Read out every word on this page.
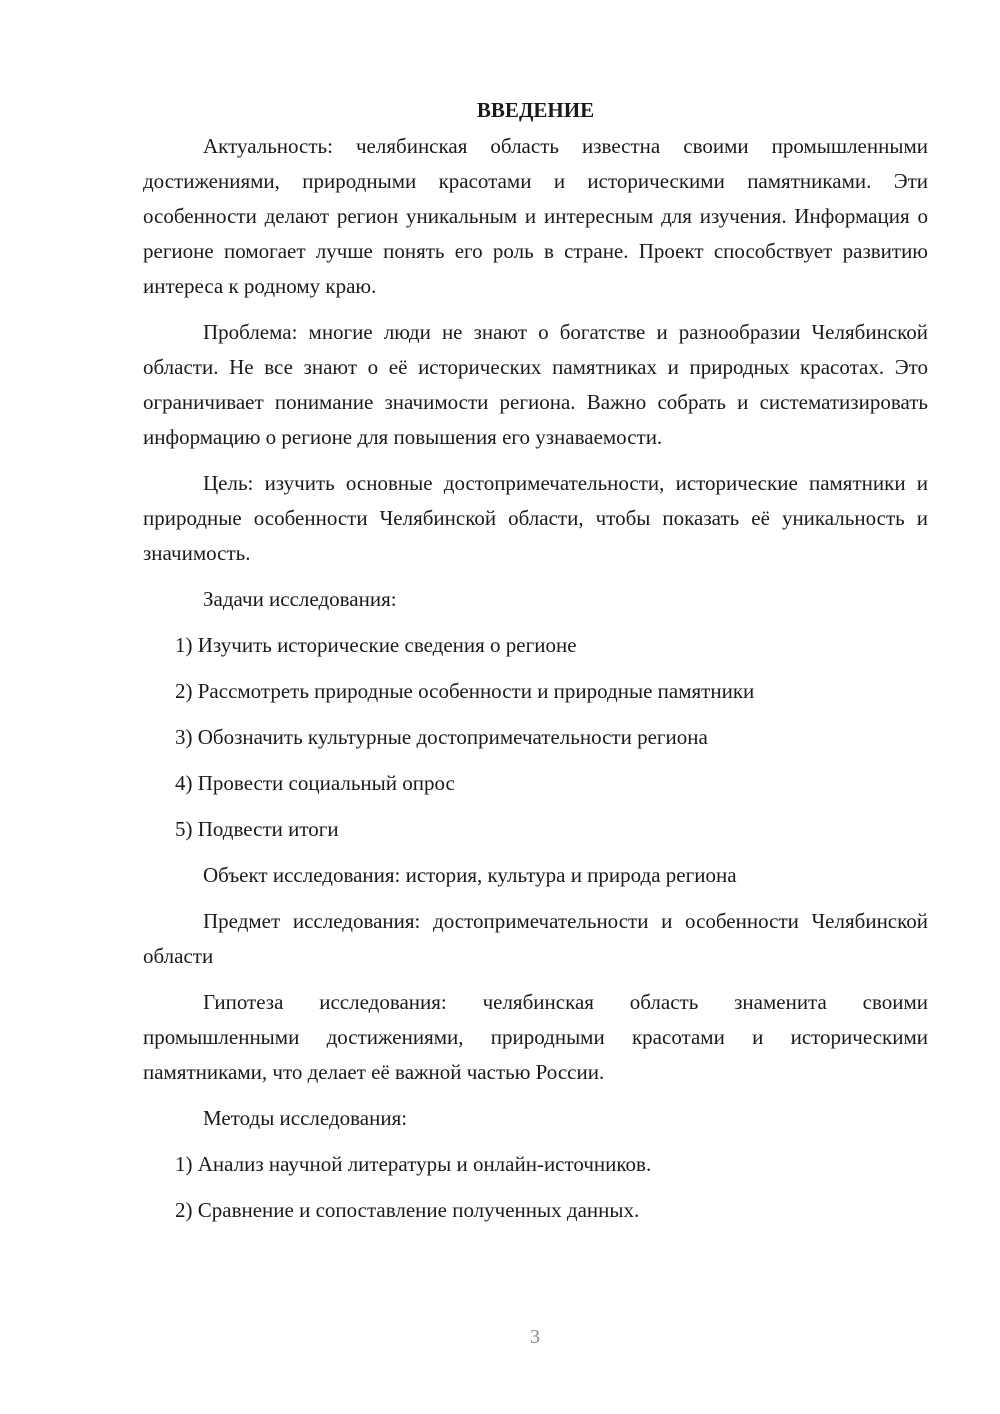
ВВЕДЕНИЕ

Актуальность: челябинская область известна своими промышленными достижениями, природными красотами и историческими памятниками. Эти особенности делают регион уникальным и интересным для изучения. Информация о регионе помогает лучше понять его роль в стране. Проект способствует развитию интереса к родному краю.

Проблема: многие люди не знают о богатстве и разнообразии Челябинской области. Не все знают о её исторических памятниках и природных красотах. Это ограничивает понимание значимости региона. Важно собрать и систематизировать информацию о регионе для повышения его узнаваемости.

Цель: изучить основные достопримечательности, исторические памятники и природные особенности Челябинской области, чтобы показать её уникальность и значимость.

Задачи исследования:
1) Изучить исторические сведения о регионе
2) Рассмотреть природные особенности и природные памятники
3) Обозначить культурные достопримечательности региона
4) Провести социальный опрос
5) Подвести итоги

Объект исследования: история, культура и природа региона

Предмет исследования: достопримечательности и особенности Челябинской области

Гипотеза исследования: челябинская область знаменита своими промышленными достижениями, природными красотами и историческими памятниками, что делает её важной частью России.

Методы исследования:
1) Анализ научной литературы и онлайн-источников.
2) Сравнение и сопоставление полученных данных.
3
